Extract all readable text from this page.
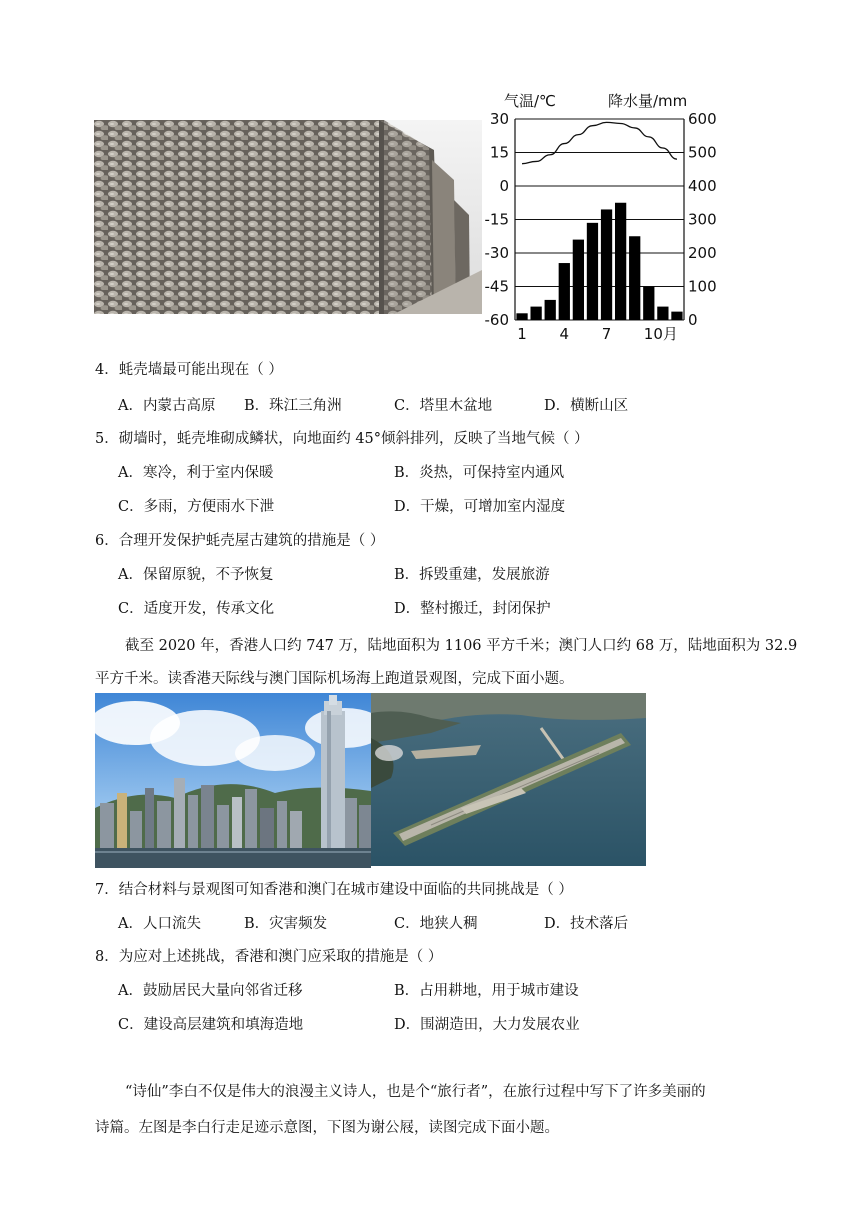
气温/℃	降水量/mm
30
15
0
-15
-30
-45
-60
600
500
400
300
200
100
0
1 4 7 10月
4．蚝壳墙最可能出现在（ ）
A．内蒙古高原 B．珠江三角洲	C．塔里木盆地	D．横断山区
5．砌墙时，蚝壳堆砌成鳞状，向地面约 45°倾斜排列，反映了当地气候（ ）
A．寒冷，利于室内保暖	B．炎热，可保持室内通风
C．多雨，方便雨水下泄	D．干燥，可增加室内湿度
6．合理开发保护蚝壳屋古建筑的措施是（ ）
A．保留原貌，不予恢复	B．拆毁重建，发展旅游
C．适度开发，传承文化	D．整村搬迁，封闭保护
截至 2020 年，香港人口约 747 万，陆地面积为 1106 平方千米；澳门人口约 68 万，陆地面积为 32.9
平方千米。读香港天际线与澳门国际机场海上跑道景观图，完成下面小题。
7．结合材料与景观图可知香港和澳门在城市建设中面临的共同挑战是（ ）
A．人口流失	B．灾害频发	C．地狭人稠	D．技术落后
8．为应对上述挑战，香港和澳门应采取的措施是（ ）
A．鼓励居民大量向邻省迁移	B．占用耕地，用于城市建设
C．建设高层建筑和填海造地	D．围湖造田，大力发展农业
“诗仙”李白不仅是伟大的浪漫主义诗人，也是个“旅行者”，在旅行过程中写下了许多美丽的
诗篇。左图是李白行走足迹示意图，下图为谢公屐，读图完成下面小题。
